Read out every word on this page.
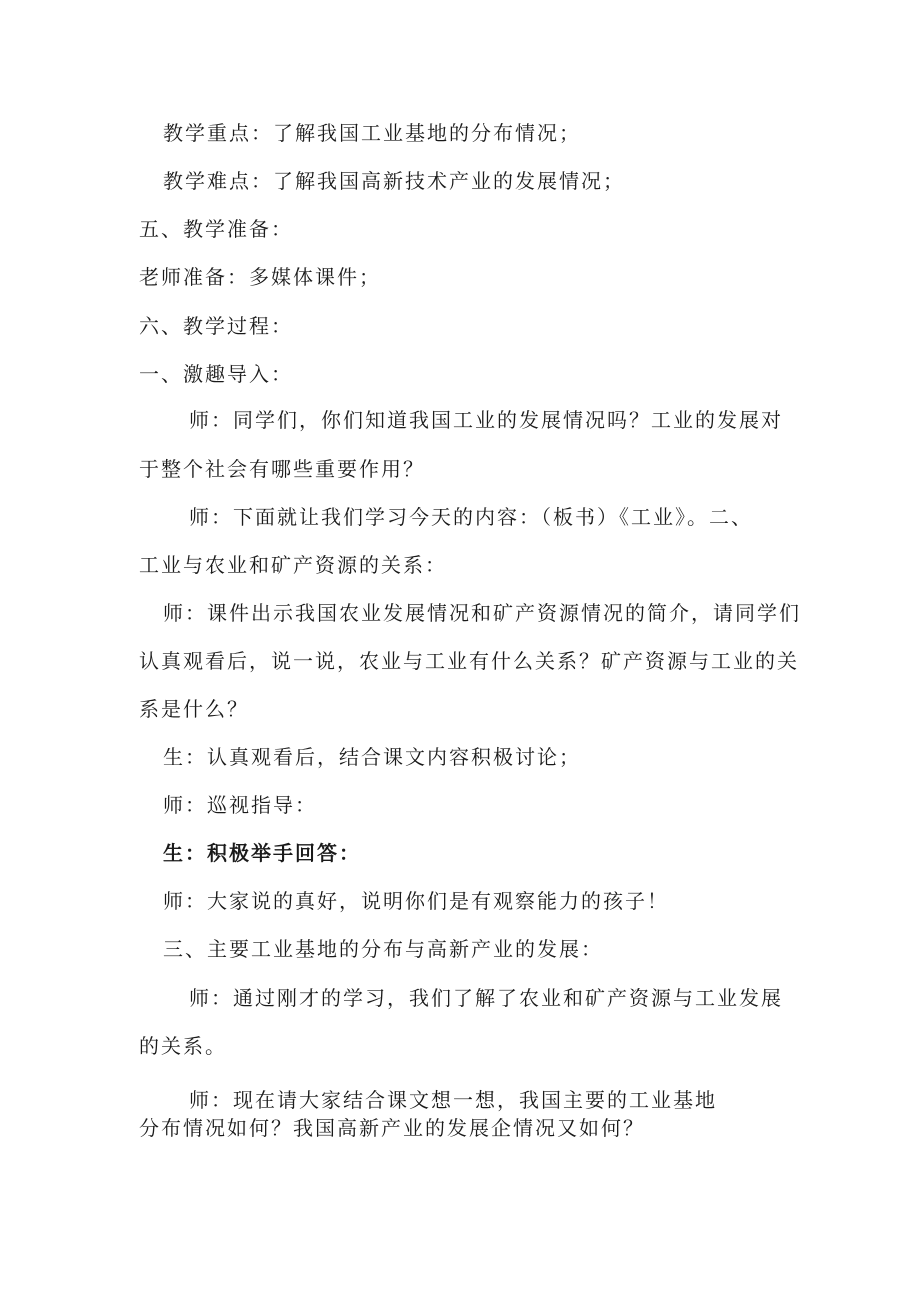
教学重点：了解我国工业基地的分布情况；
教学难点：了解我国高新技术产业的发展情况；
五、教学准备：
老师准备：多媒体课件；
六、教学过程：
一、激趣导入：
师：同学们，你们知道我国工业的发展情况吗？工业的发展对
于整个社会有哪些重要作用？
师：下面就让我们学习今天的内容：（板书）《工业》。二、
工业与农业和矿产资源的关系：
师：课件出示我国农业发展情况和矿产资源情况的简介，请同学们
认真观看后，说一说，农业与工业有什么关系？矿产资源与工业的关
系是什么？
生：认真观看后，结合课文内容积极讨论；
师：巡视指导：
生：积极举手回答：
师：大家说的真好，说明你们是有观察能力的孩子！
三、主要工业基地的分布与高新产业的发展：
师：通过刚才的学习，我们了解了农业和矿产资源与工业发展
的关系。
师：现在请大家结合课文想一想，我国主要的工业基地
分布情况如何？我国高新产业的发展企情况又如何？
